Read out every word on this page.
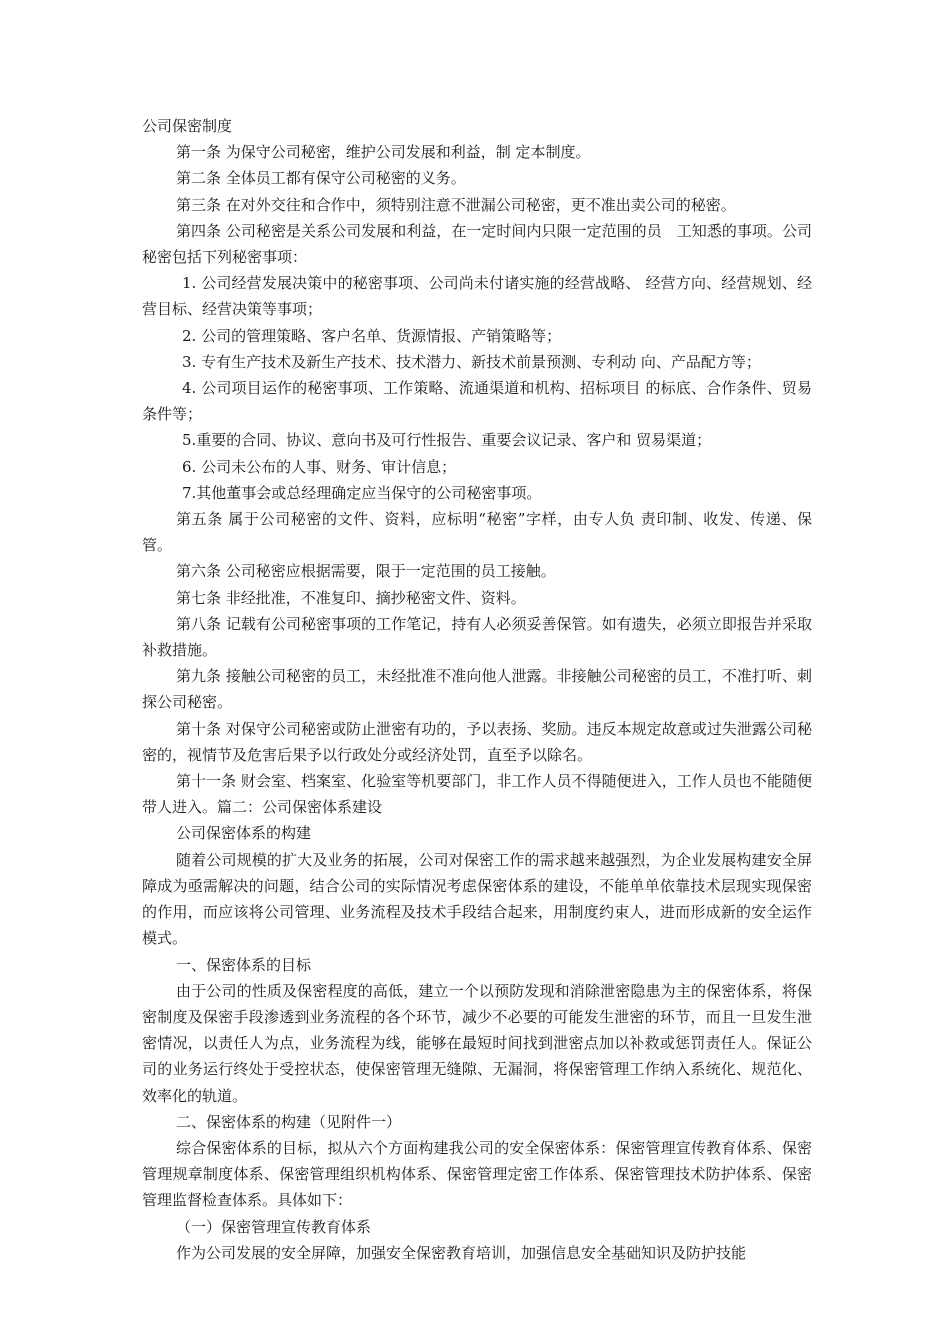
公司保密制度

第一条 为保守公司秘密，维护公司发展和利益，制 定本制度。

第二条 全体员工都有保守公司秘密的义务。

第三条 在对外交往和合作中，须特别注意不泄漏公司秘密，更不准出卖公司的秘密。

第四条 公司秘密是关系公司发展和利益，在一定时间内只限一定范围的员　工知悉的事项。公司秘密包括下列秘密事项：

1. 公司经营发展决策中的秘密事项、公司尚未付诸实施的经营战略、 经营方向、经营规划、经营目标、经营决策等事项；

2. 公司的管理策略、客户名单、货源情报、产销策略等；

3. 专有生产技术及新生产技术、技术潜力、新技术前景预测、专利动 向、产品配方等；

4. 公司项目运作的秘密事项、工作策略、流通渠道和机构、招标项目 的标底、合作条件、贸易条件等；

5.重要的合同、协议、意向书及可行性报告、重要会议记录、客户和 贸易渠道；

6. 公司未公布的人事、财务、审计信息；

7.其他董事会或总经理确定应当保守的公司秘密事项。

第五条 属于公司秘密的文件、资料，应标明“秘密”字样，由专人负 责印制、收发、传递、保管。

第六条 公司秘密应根据需要，限于一定范围的员工接触。

第七条 非经批准，不准复印、摘抄秘密文件、资料。

第八条 记载有公司秘密事项的工作笔记，持有人必须妥善保管。如有遗失，必须立即报告并采取补救措施。

第九条 接触公司秘密的员工，未经批准不准向他人泄露。非接触公司秘密的员工，不准打听、刺探公司秘密。

第十条 对保守公司秘密或防止泄密有功的，予以表扬、奖励。违反本规定故意或过失泄露公司秘密的，视情节及危害后果予以行政处分或经济处罚，直至予以除名。

第十一条 财会室、档案室、化验室等机要部门，非工作人员不得随便进入，工作人员也不能随便带人进入。篇二：公司保密体系建设

公司保密体系的构建

随着公司规模的扩大及业务的拓展，公司对保密工作的需求越来越强烈，为企业发展构建安全屏障成为亟需解决的问题，结合公司的实际情况考虑保密体系的建设，不能单单依靠技术层现实现保密的作用，而应该将公司管理、业务流程及技术手段结合起来，用制度约束人，进而形成新的安全运作模式。

一、保密体系的目标

由于公司的性质及保密程度的高低，建立一个以预防发现和消除泄密隐患为主的保密体系，将保密制度及保密手段渗透到业务流程的各个环节，减少不必要的可能发生泄密的环节，而且一旦发生泄密情况，以责任人为点，业务流程为线，能够在最短时间找到泄密点加以补救或惩罚责任人。保证公司的业务运行终处于受控状态，使保密管理无缝隙、无漏洞，将保密管理工作纳入系统化、规范化、效率化的轨道。

二、保密体系的构建（见附件一）

综合保密体系的目标，拟从六个方面构建我公司的安全保密体系：保密管理宣传教育体系、保密管理规章制度体系、保密管理组织机构体系、保密管理定密工作体系、保密管理技术防护体系、保密管理监督检查体系。具体如下：

（一）保密管理宣传教育体系

作为公司发展的安全屏障，加强安全保密教育培训，加强信息安全基础知识及防护技能
